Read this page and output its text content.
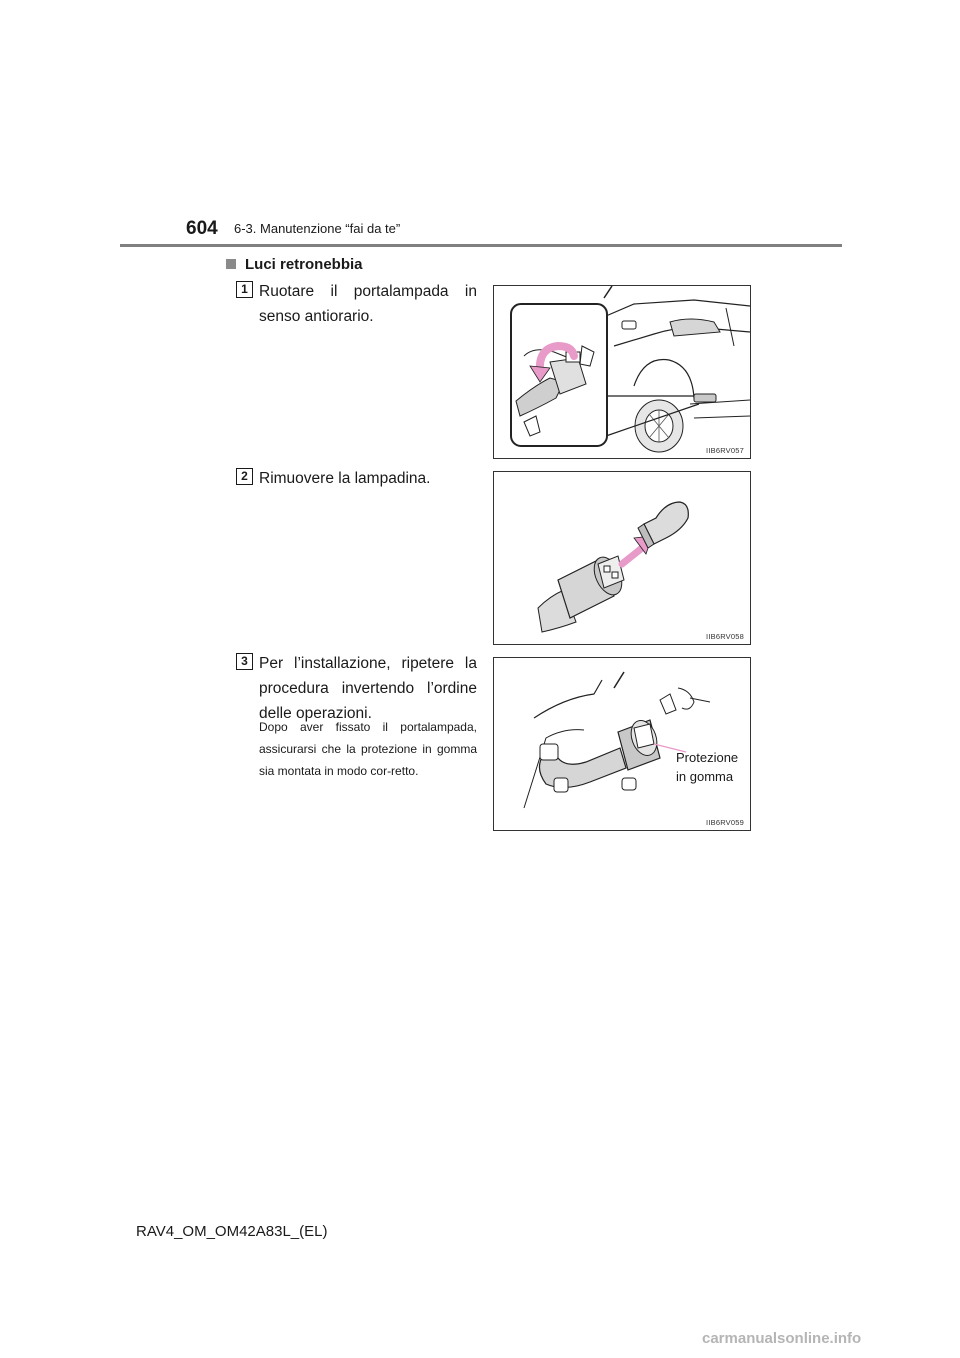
604 6-3. Manutenzione “fai da te”
Luci retronebbia
1 Ruotare il portalampada in senso antiorario.
2 Rimuovere la lampadina.
3 Per l’installazione, ripetere la procedura invertendo l’ordine delle operazioni.
Dopo aver fissato il portalampada, assicurarsi che la protezione in gomma sia montata in modo cor-retto.
IIB6RV057
IIB6RV058
Protezione
in gomma
IIB6RV059
RAV4_OM_OM42A83L_(EL)
carmanualsonline.info
